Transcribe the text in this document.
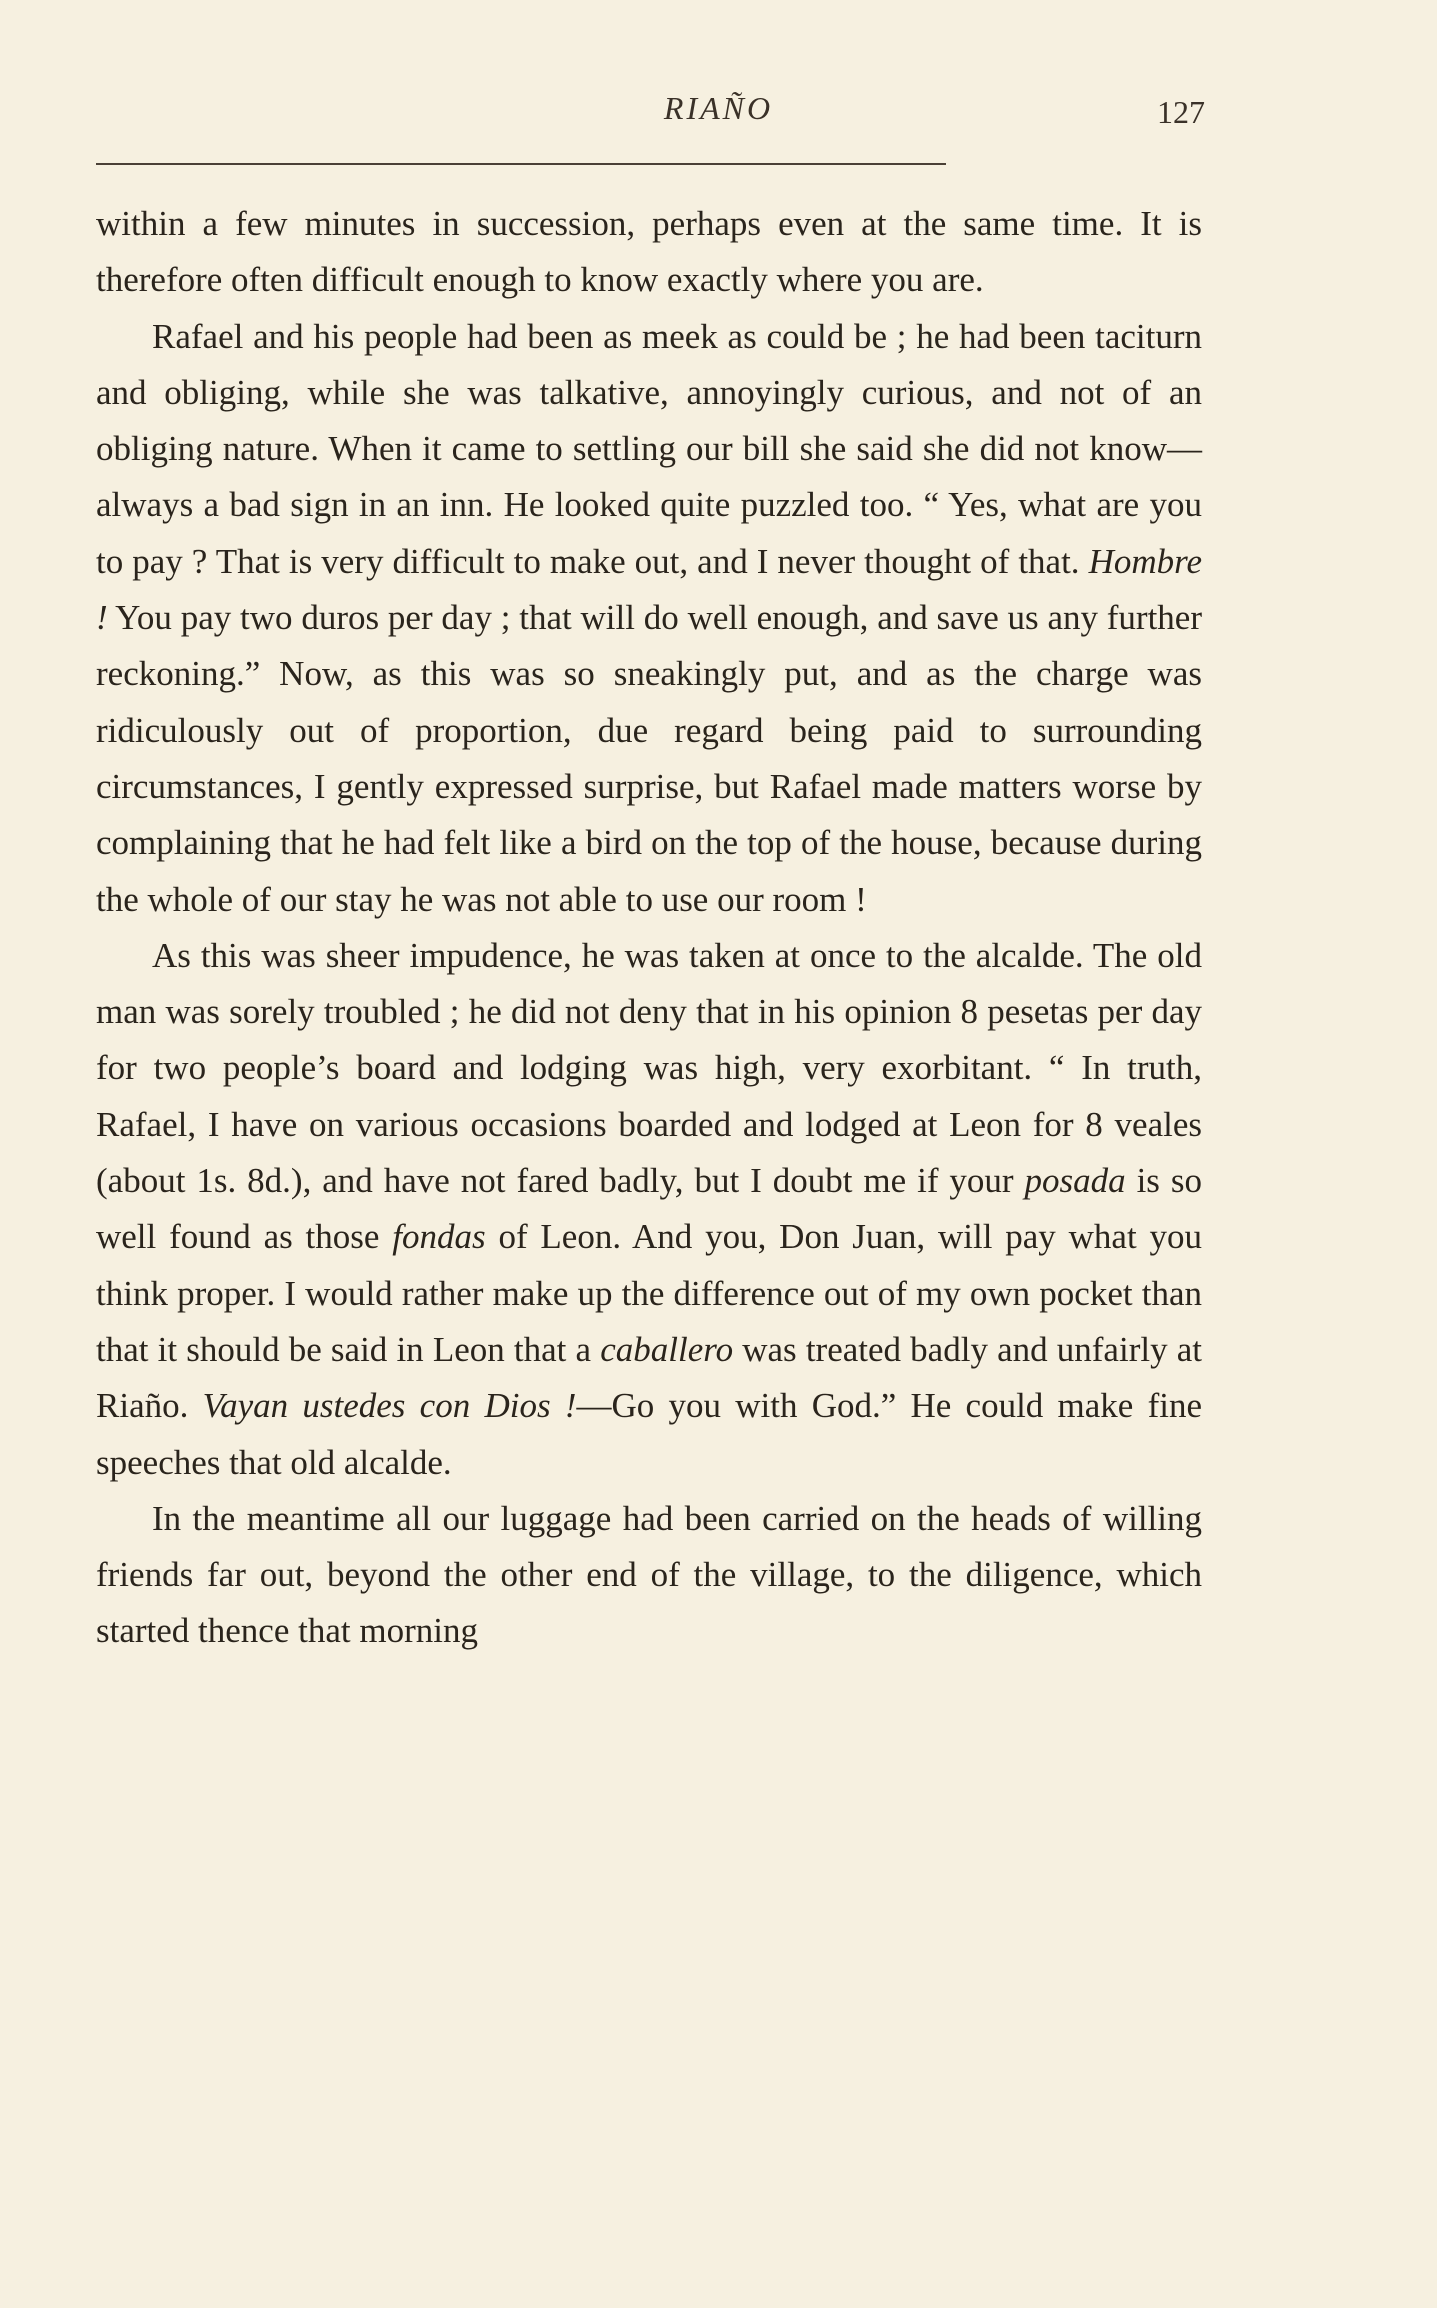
RIAÑO	127

within a few minutes in succession, perhaps even at the same time. It is therefore often difficult enough to know exactly where you are.

Rafael and his people had been as meek as could be ; he had been taciturn and obliging, while she was talkative, annoyingly curious, and not of an obliging nature. When it came to settling our bill she said she did not know—always a bad sign in an inn. He looked quite puzzled too. “ Yes, what are you to pay ? That is very difficult to make out, and I never thought of that. Hombre ! You pay two duros per day ; that will do well enough, and save us any further reckoning.” Now, as this was so sneakingly put, and as the charge was ridiculously out of proportion, due regard being paid to surrounding circumstances, I gently expressed surprise, but Rafael made matters worse by complaining that he had felt like a bird on the top of the house, because during the whole of our stay he was not able to use our room !

As this was sheer impudence, he was taken at once to the alcalde. The old man was sorely troubled ; he did not deny that in his opinion 8 pesetas per day for two people’s board and lodging was high, very exorbitant. “ In truth, Rafael, I have on various occasions boarded and lodged at Leon for 8 veales (about 1s. 8d.), and have not fared badly, but I doubt me if your posada is so well found as those fondas of Leon. And you, Don Juan, will pay what you think proper. I would rather make up the difference out of my own pocket than that it should be said in Leon that a caballero was treated badly and unfairly at Riaño. Vayan ustedes con Dios !—Go you with God.” He could make fine speeches that old alcalde.

In the meantime all our luggage had been carried on the heads of willing friends far out, beyond the other end of the village, to the diligence, which started thence that morning
